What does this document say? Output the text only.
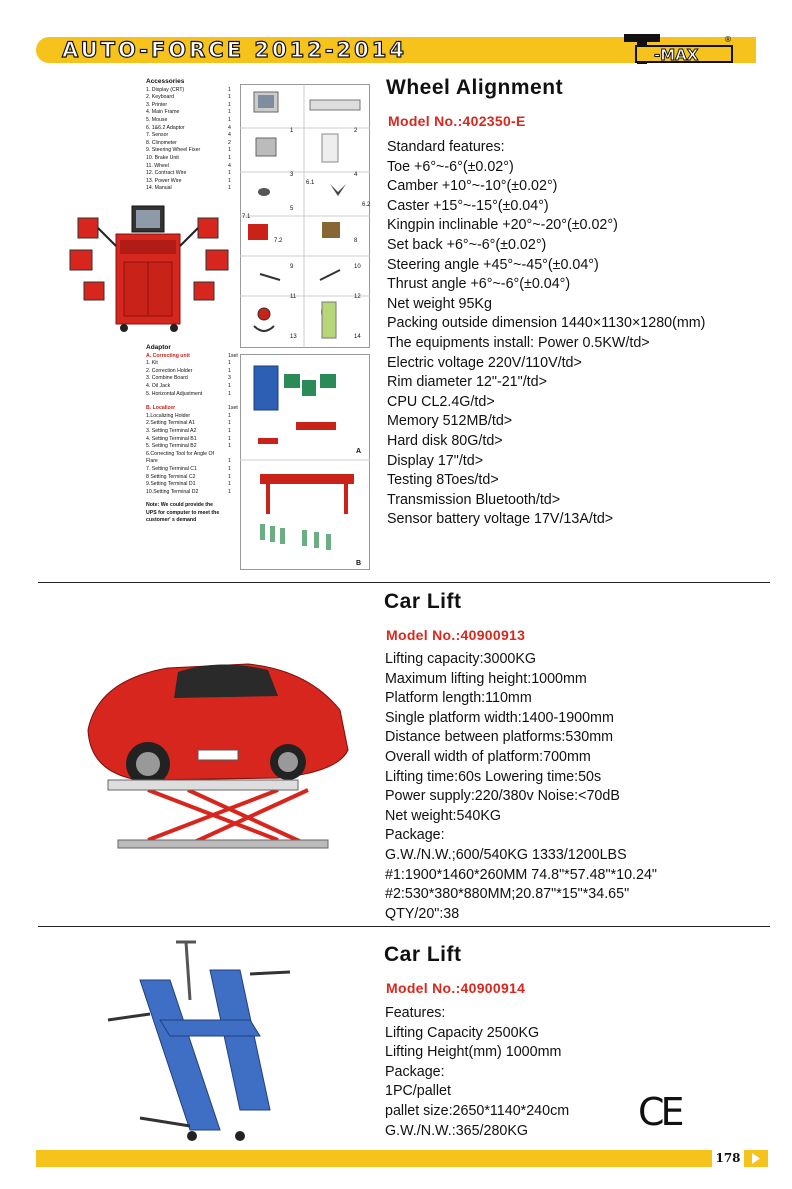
AUTO-FORCE 2012-2014	-MAX
®
Wheel Alignment
Model No.:402350-E
Standard features:
Toe +6°~-6°(±0.02°)
Camber +10°~-10°(±0.02°)
Caster +15°~-15°(±0.04°)
Kingpin inclinable +20°~-20°(±0.02°)
Set back +6°~-6°(±0.02°)
Steering angle +45°~-45°(±0.04°)
Thrust angle +6°~-6°(±0.04°)
Net weight 95Kg
Packing outside dimension 1440×1130×1280(mm)
The equipments install: Power 0.5KW/td>
Electric voltage 220V/110V/td>
Rim diameter 12"-21"/td>
CPU CL2.4G/td>
Memory 512MB/td>
Hard disk 80G/td>
Display 17"/td>
Testing 8Toes/td>
Transmission Bluetooth/td>
Sensor battery voltage 17V/13A/td>
Accessories
1. Display (CRT)	1
2. Keyboard	1
3. Printer	1
4. Main Frame	1
5. Mouse	1
6. 1&6.2 Adaptor	4
7. Sensor	4
8. Clinometer	2
9. Steering Wheel Fixer	1
10. Brake Unit	1
11. Wheel	4
12. Contract Wire	1
13. Power Wire	1
14. Manual	1
1	2
3	4
5
6.1
6.2
7.1
7.2	8
9	10
11	12
13	14
Adaptor
A. Correcting unit	1set
1. Kit	1
2. Correction Holder	1
3. Combine Board	3
4. Oil Jack	1
5. Horizontal Adjustment	1
B. Localizer	1set
1.Localizing Holder	1
2.Setting Terminal A1	1
3. Setting Terminal A2	1
4. Setting Terminal B1	1
5. Setting Terminal B2	1
6.Correcting Tool for Angle Of
Flare	1
7. Setting Terminal C1	1
8 Setting Terminal C2	1
9.Setting Terminal D1	1
10.Setting Terminal D2	1
Note: We could provide the
UPS for computer to meet the
customer' s demand
A
B
Car Lift
Model No.:40900913
Lifting capacity:3000KG
Maximum lifting height:1000mm
Platform length:110mm
Single platform width:1400-1900mm
Distance between platforms:530mm
Overall width of platform:700mm
Lifting time:60s Lowering time:50s
Power supply:220/380v Noise:<70dB
Net weight:540KG
Package:
G.W./N.W.;600/540KG 1333/1200LBS
#1:1900*1460*260MM 74.8"*57.48"*10.24"
#2:530*380*880MM;20.87"*15"*34.65"
QTY/20":38
Car Lift
Model No.:40900914
Features:
Lifting Capacity 2500KG
Lifting Height(mm) 1000mm
Package:
1PC/pallet
pallet size:2650*1140*240cm
G.W./N.W.:365/280KG	CE
178
